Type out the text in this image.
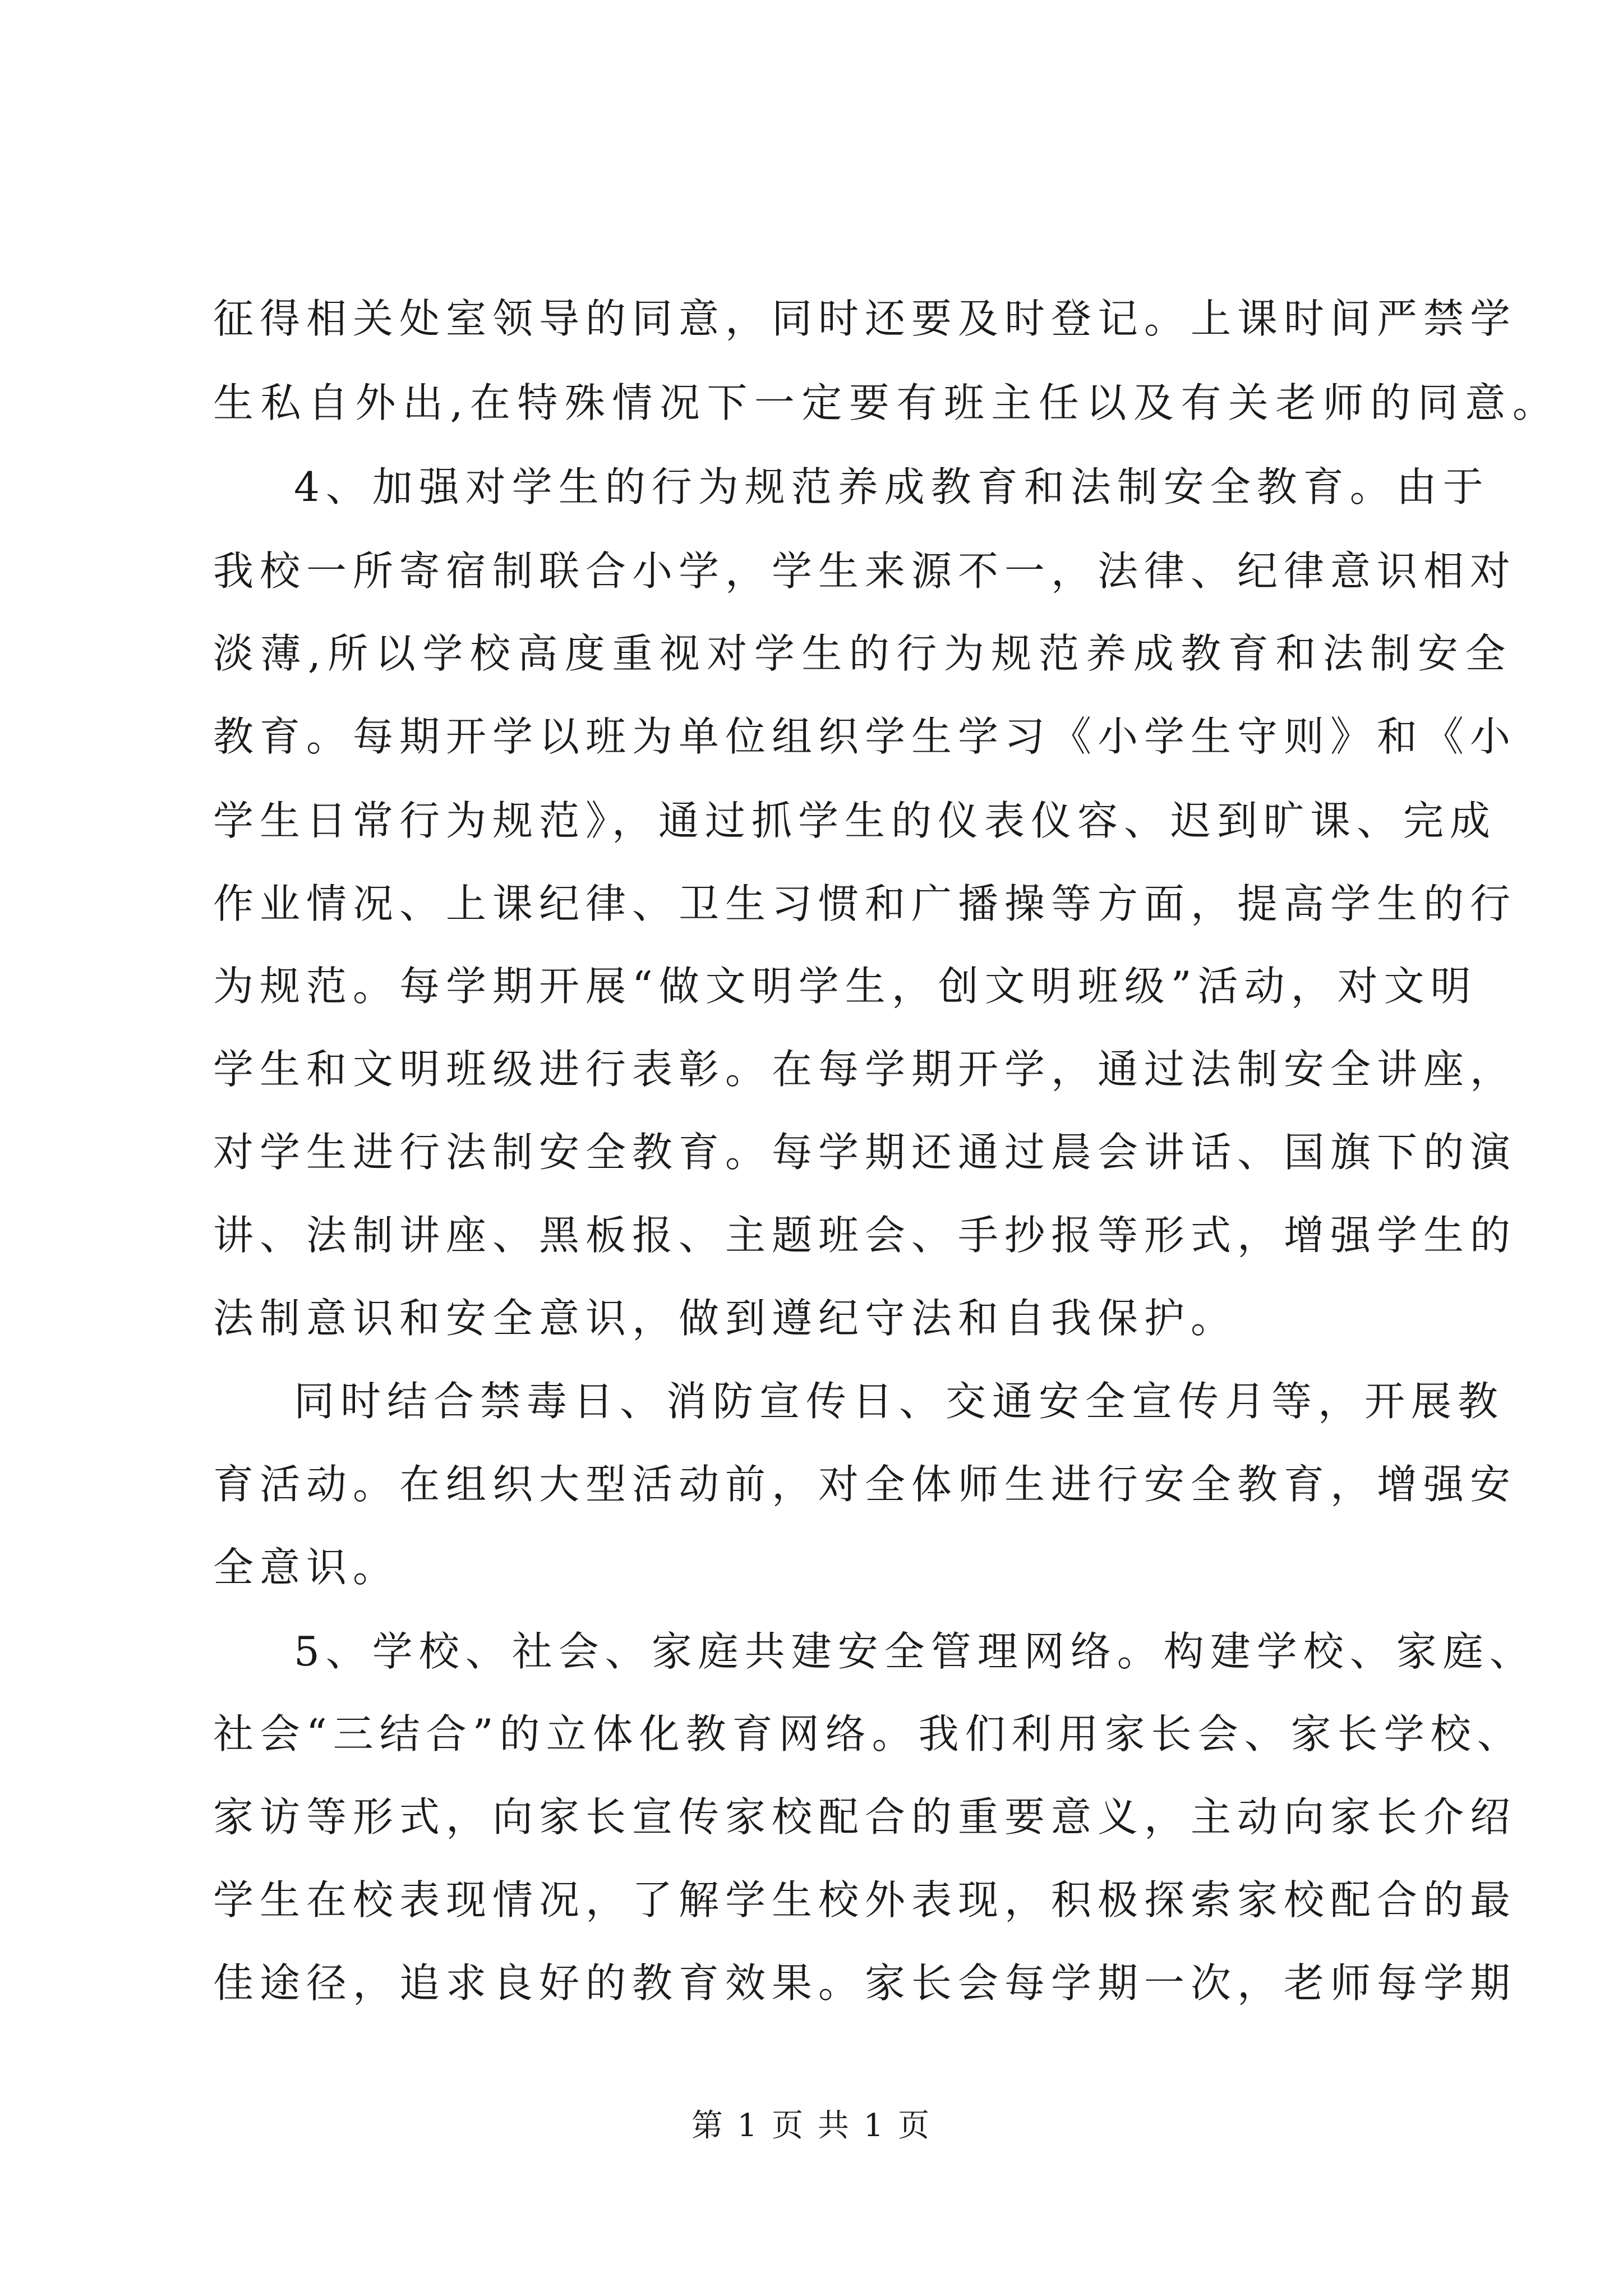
征得相关处室领导的同意，同时还要及时登记。上课时间严禁学
生私自外出,在特殊情况下一定要有班主任以及有关老师的同意。
4、加强对学生的行为规范养成教育和法制安全教育。由于
我校一所寄宿制联合小学，学生来源不一，法律、纪律意识相对
淡薄,所以学校高度重视对学生的行为规范养成教育和法制安全
教育。每期开学以班为单位组织学生学习《小学生守则》和《小
学生日常行为规范》，通过抓学生的仪表仪容、迟到旷课、完成
作业情况、上课纪律、卫生习惯和广播操等方面，提高学生的行
为规范。每学期开展“做文明学生，创文明班级”活动，对文明
学生和文明班级进行表彰。在每学期开学，通过法制安全讲座，
对学生进行法制安全教育。每学期还通过晨会讲话、国旗下的演
讲、法制讲座、黑板报、主题班会、手抄报等形式，增强学生的
法制意识和安全意识，做到遵纪守法和自我保护。
同时结合禁毒日、消防宣传日、交通安全宣传月等，开展教
育活动。在组织大型活动前，对全体师生进行安全教育，增强安
全意识。
5、学校、社会、家庭共建安全管理网络。构建学校、家庭、
社会“三结合”的立体化教育网络。我们利用家长会、家长学校、
家访等形式，向家长宣传家校配合的重要意义，主动向家长介绍
学生在校表现情况，了解学生校外表现，积极探索家校配合的最
佳途径，追求良好的教育效果。家长会每学期一次，老师每学期
第 1 页 共 1 页
